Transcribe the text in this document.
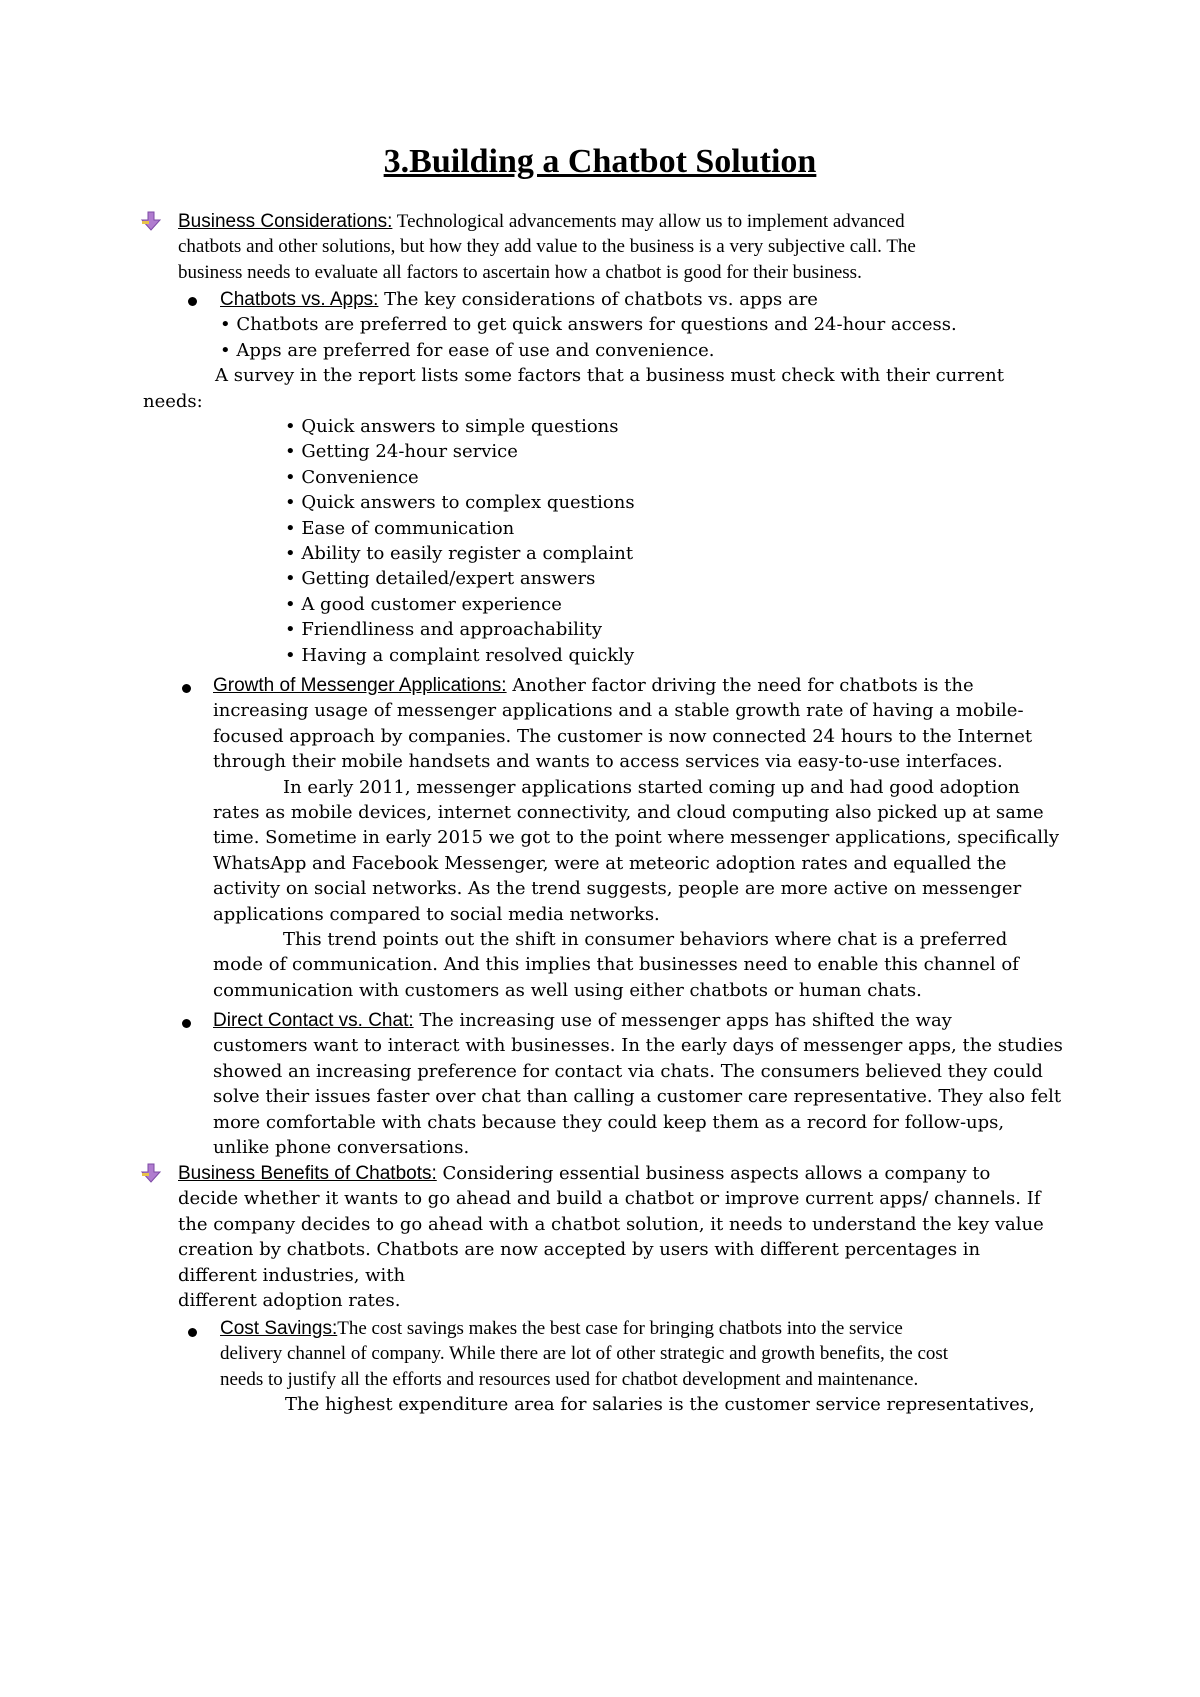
3.Building a Chatbot Solution
Business Considerations: Technological advancements may allow us to implement advanced
chatbots and other solutions, but how they add value to the business is a very subjective call. The
business needs to evaluate all factors to ascertain how a chatbot is good for their business.
Chatbots vs. Apps: The key considerations of chatbots vs. apps are
• Chatbots are preferred to get quick answers for questions and 24-hour access.
• Apps are preferred for ease of use and convenience.
A survey in the report lists some factors that a business must check with their current
needs:
• Quick answers to simple questions
• Getting 24-hour service
• Convenience
• Quick answers to complex questions
• Ease of communication
• Ability to easily register a complaint
• Getting detailed/expert answers
• A good customer experience
• Friendliness and approachability
• Having a complaint resolved quickly
Growth of Messenger Applications: Another factor driving the need for chatbots is the
increasing usage of messenger applications and a stable growth rate of having a mobile-
focused approach by companies. The customer is now connected 24 hours to the Internet
through their mobile handsets and wants to access services via easy-to-use interfaces.
In early 2011, messenger applications started coming up and had good adoption
rates as mobile devices, internet connectivity, and cloud computing also picked up at same
time. Sometime in early 2015 we got to the point where messenger applications, specifically
WhatsApp and Facebook Messenger, were at meteoric adoption rates and equalled the
activity on social networks. As the trend suggests, people are more active on messenger
applications compared to social media networks.
This trend points out the shift in consumer behaviors where chat is a preferred
mode of communication. And this implies that businesses need to enable this channel of
communication with customers as well using either chatbots or human chats.
Direct Contact vs. Chat: The increasing use of messenger apps has shifted the way
customers want to interact with businesses. In the early days of messenger apps, the studies
showed an increasing preference for contact via chats. The consumers believed they could
solve their issues faster over chat than calling a customer care representative. They also felt
more comfortable with chats because they could keep them as a record for follow-ups,
unlike phone conversations.
Business Benefits of Chatbots: Considering essential business aspects allows a company to
decide whether it wants to go ahead and build a chatbot or improve current apps/ channels. If
the company decides to go ahead with a chatbot solution, it needs to understand the key value
creation by chatbots. Chatbots are now accepted by users with different percentages in
different industries, with
different adoption rates.
Cost Savings:The cost savings makes the best case for bringing chatbots into the service
delivery channel of company. While there are lot of other strategic and growth benefits, the cost
needs to justify all the efforts and resources used for chatbot development and maintenance.
The highest expenditure area for salaries is the customer service representatives,
